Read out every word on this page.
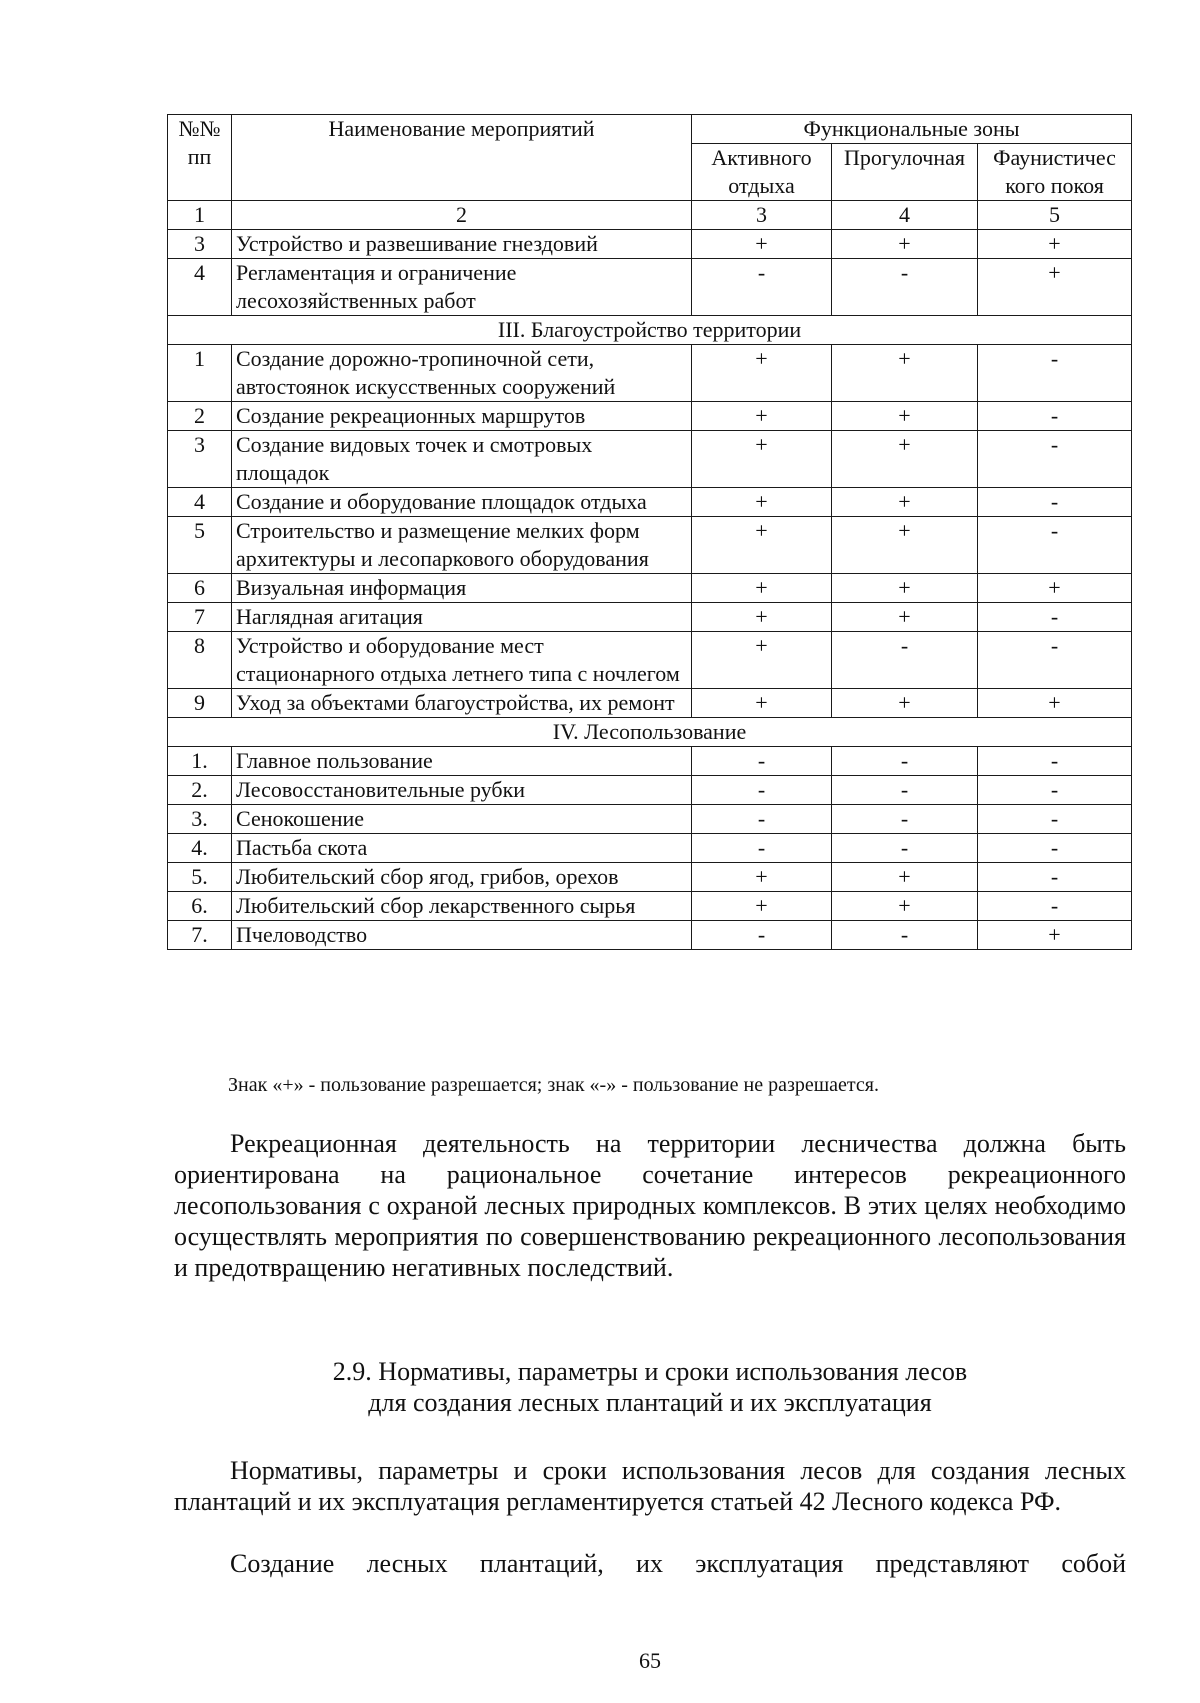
№№ пп	Наименование мероприятий	Функциональные зоны		
		Активного отдыха	Прогулочная	Фаунистичес кого покоя
1	2	3	4	5
3	Устройство и развешивание гнездовий	+	+	+
4	Регламентация и ограничение лесохозяйственных работ	-	-	+
III. Благоустройство территории				
1	Создание дорожно-тропиночной сети, автостоянок искусственных сооружений	+	+	-
2	Создание рекреационных маршрутов	+	+	-
3	Создание видовых точек и смотровых площадок	+	+	-
4	Создание и оборудование площадок отдыха	+	+	-
5	Строительство и размещение мелких форм архитектуры и лесопаркового оборудования	+	+	-
6	Визуальная информация	+	+	+
7	Наглядная агитация	+	+	-
8	Устройство и оборудование мест стационарного отдыха летнего типа с ночлегом	+	-	-
9	Уход за объектами благоустройства, их ремонт	+	+	+
IV. Лесопользование				
1.	Главное пользование	-	-	-
2.	Лесовосстановительные рубки	-	-	-
3.	Сенокошение	-	-	-
4.	Пастьба скота	-	-	-
5.	Любительский сбор ягод, грибов, орехов	+	+	-
6.	Любительский сбор лекарственного сырья	+	+	-
7.	Пчеловодство	-	-	+
Знак «+» - пользование разрешается; знак «-» - пользование не разрешается.

Рекреационная деятельность на территории лесничества должна быть ориентирована на рациональное сочетание интересов рекреационного лесопользования с охраной лесных природных комплексов. В этих целях необходимо осуществлять мероприятия по совершенствованию рекреационного лесопользования и предотвращению негативных последствий.

2.9. Нормативы, параметры и сроки использования лесов
для создания лесных плантаций и их эксплуатация

Нормативы, параметры и сроки использования лесов для создания лесных плантаций и их эксплуатация регламентируется статьей 42 Лесного кодекса РФ.

Создание лесных плантаций, их эксплуатация представляют собой

65
